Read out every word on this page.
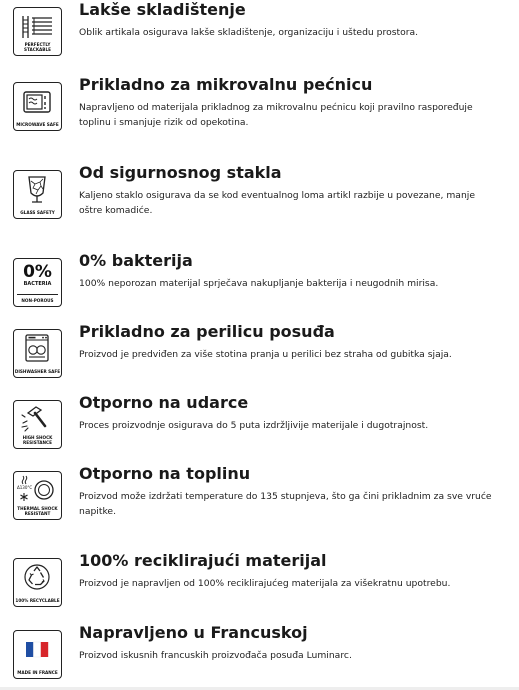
PERFECTLY STACKABLE
Lakše skladištenje

Oblik artikala osigurava lakše skladištenje, organizaciju i uštedu prostora.

MICROWAVE SAFE
Prikladno za mikrovalnu pećnicu

Napravljeno od materijala prikladnog za mikrovalnu pećnicu koji pravilno raspoređuje toplinu i smanjuje rizik od opekotina.

GLASS SAFETY
Od sigurnosnog stakla

Kaljeno staklo osigurava da se kod eventualnog loma artikl razbije u povezane, manje oštre komadiće.

0%
BACTERIA
NON-POROUS
0% bakterija

100% neporozan materijal sprječava nakupljanje bakterija i neugodnih mirisa.

DISHWASHER SAFE
Prikladno za perilicu posuđa

Proizvod je predviđen za više stotina pranja u perilici bez straha od gubitka sjaja.

HIGH SHOCK RESISTANCE
Otporno na udarce

Proces proizvodnje osigurava do 5 puta izdržljivije materijale i dugotrajnost.

Δ130°C
THERMAL SHOCK RESISTANT
Otporno na toplinu

Proizvod može izdržati temperature do 135 stupnjeva, što ga čini prikladnim za sve vruće napitke.

100% RECYCLABLE
100% reciklirajući materijal

Proizvod je napravljen od 100% reciklirajućeg materijala za višekratnu upotrebu.

MADE IN FRANCE
Napravljeno u Francuskoj

Proizvod iskusnih francuskih proizvođača posuđa Luminarc.
